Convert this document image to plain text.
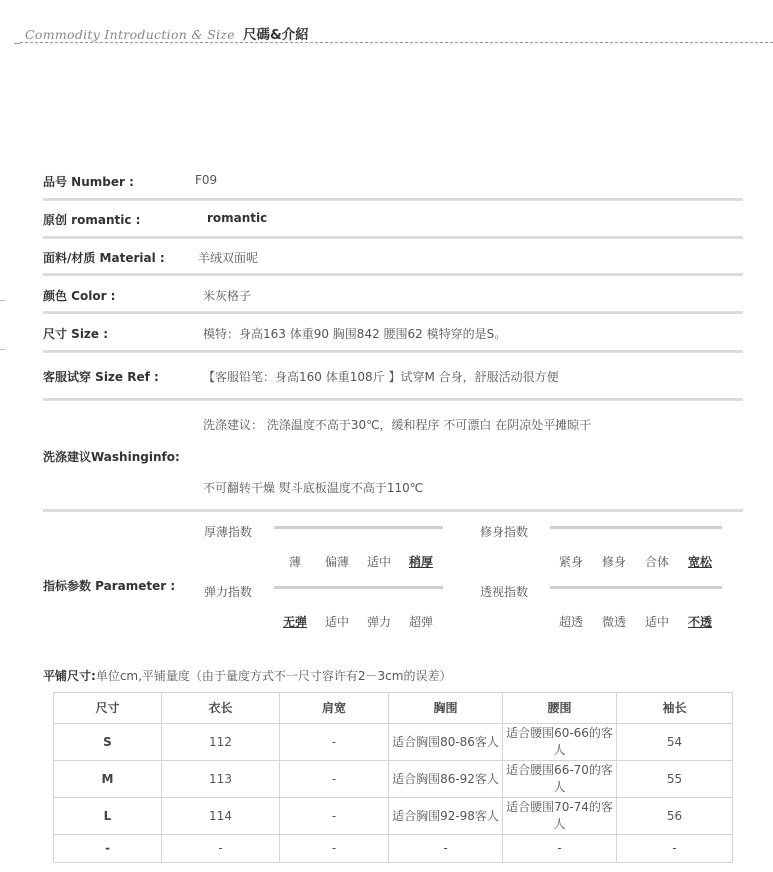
Commodity Introduction & Size 尺碼&介紹
品号 Number :	F09
原创 romantic :	romantic
面料/材质 Material :	羊绒双面呢
颜色 Color :	米灰格子
尺寸 Size :	模特：身高163 体重90 胸围842 腰围62 模特穿的是S。
客服试穿 Size Ref :	【客服铅笔：身高160 体重108斤 】试穿M 合身，舒服活动很方便
洗涤建议Washinginfo:
洗涤建议： 洗涤温度不高于30℃，缓和程序 不可漂白 在阴凉处平摊晾干
不可翻转干燥 熨斗底板温度不高于110℃
指标参数 Parameter :
厚薄指数
薄 偏薄 适中 稍厚
修身指数
紧身 修身 合体 宽松
弹力指数
无弹 适中 弹力 超弹
透视指数
超透 微透 适中 不透
平铺尺寸:单位cm,平铺量度（由于量度方式不一尺寸容许有2－3cm的误差）
尺寸	衣长	肩宽	胸围	腰围	袖长
S	112	-	适合胸围80-86客人	适合腰围60-66的客人	54
M	113	-	适合胸围86-92客人	适合腰围66-70的客人	55
L	114	-	适合胸围92-98客人	适合腰围70-74的客人	56
-	-	-	-	-	-
